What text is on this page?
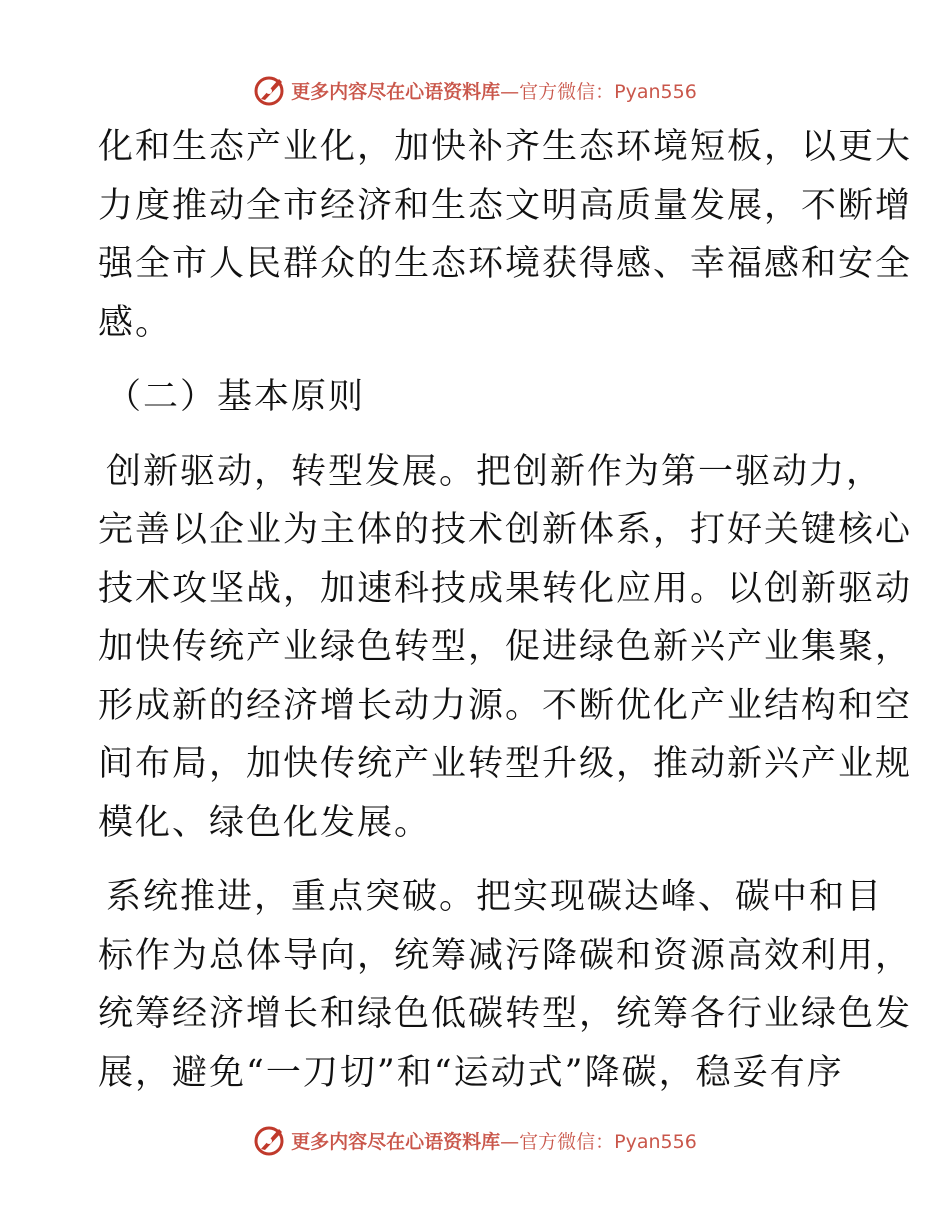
更多内容尽在心语资料库 —官方微信：Pyan556
化和生态产业化，加快补齐生态环境短板，以更大
力度推动全市经济和生态文明高质量发展，不断增
强全市人民群众的生态环境获得感、幸福感和安全
感。
（二）基本原则
创新驱动，转型发展。把创新作为第一驱动力，
完善以企业为主体的技术创新体系，打好关键核心
技术攻坚战，加速科技成果转化应用。以创新驱动
加快传统产业绿色转型，促进绿色新兴产业集聚，
形成新的经济增长动力源。不断优化产业结构和空
间布局，加快传统产业转型升级，推动新兴产业规
模化、绿色化发展。
系统推进，重点突破。把实现碳达峰、碳中和目
标作为总体导向，统筹减污降碳和资源高效利用，
统筹经济增长和绿色低碳转型，统筹各行业绿色发
展，避免“一刀切”和“运动式”降碳，稳妥有序
更多内容尽在心语资料库 —官方微信：Pyan556
